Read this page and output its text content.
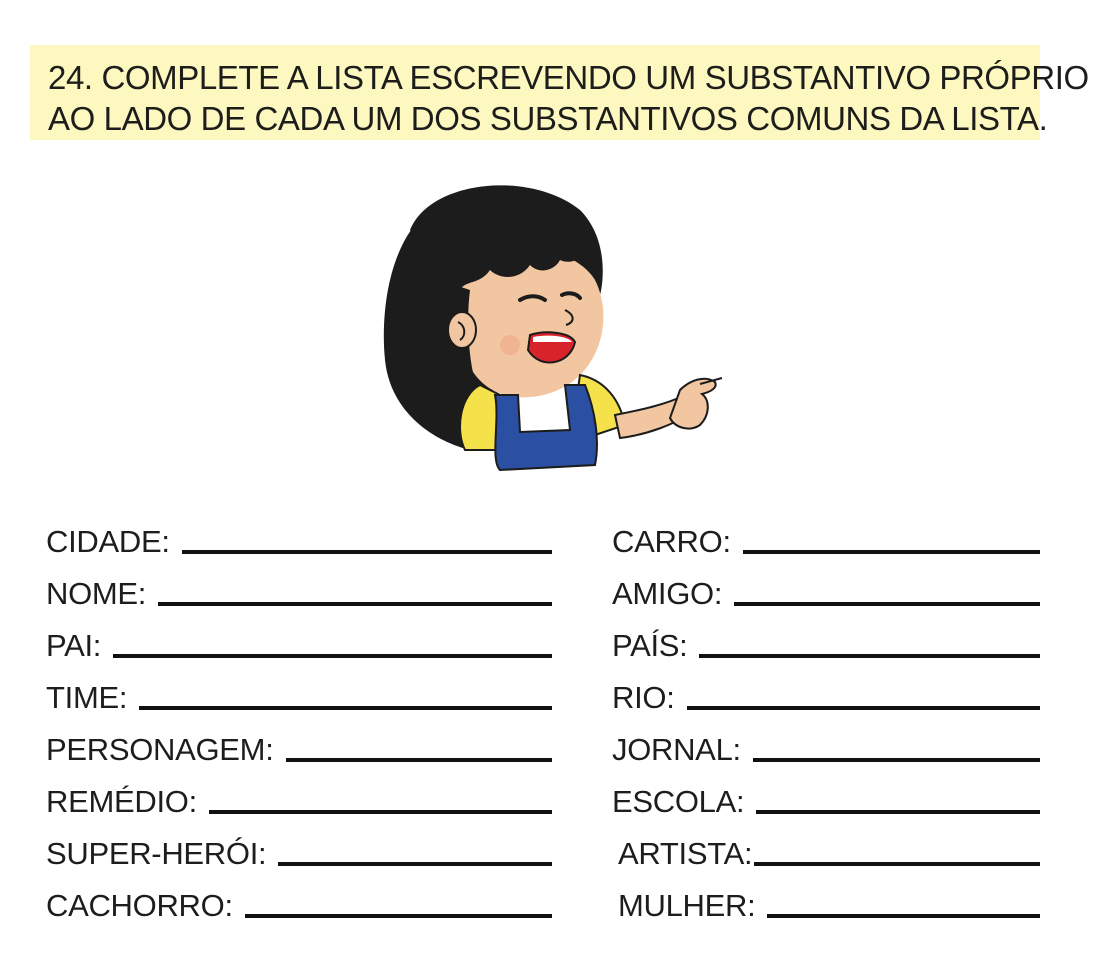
24. COMPLETE A LISTA ESCREVENDO UM SUBSTANTIVO PRÓPRIO
AO LADO DE CADA UM DOS SUBSTANTIVOS COMUNS DA LISTA.
CIDADE:
NOME:
PAI:
TIME:
PERSONAGEM:
REMÉDIO:
SUPER-HERÓI:
CACHORRO:
CARRO:
AMIGO:
PAÍS:
RIO:
JORNAL:
ESCOLA:
ARTISTA:
MULHER:
